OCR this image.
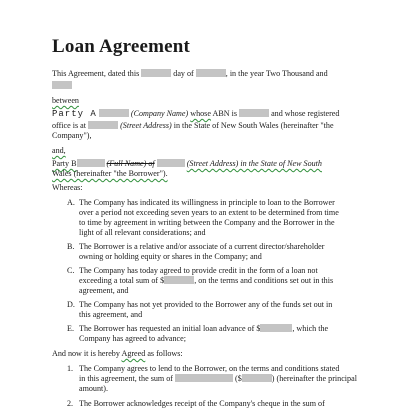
Loan Agreement
This Agreement, dated this	day of	, in the year Two Thousand and
between
Party A	(Company Name) whose ABN is	and whose registered
office is at	(Street Address) in the State of New South Wales (hereinafter "the
Company"),
and,
Party B	(Full Name) of	(Street Address) in the State of New South
Wales (hereinafter "the Borrower").
Whereas:
A. The Company has indicated its willingness in principle to loan to the Borrower
over a period not exceeding seven years to an extent to be determined from time
to time by agreement in writing between the Company and the Borrower in the
light of all relevant considerations; and
B. The Borrower is a relative and/or associate of a current director/shareholder
owning or holding equity or shares in the Company; and
C. The Company has today agreed to provide credit in the form of a loan not
exceeding a total sum of $	, on the terms and conditions set out in this
agreement, and
D. The Company has not yet provided to the Borrower any of the funds set out in
this agreement, and
E. The Borrower has requested an initial loan advance of $	, which the
Company has agreed to advance;
And now it is hereby Agreed as follows:
1. The Company agrees to lend to the Borrower, on the terms and conditions stated
in this agreement, the sum of	($	) (hereinafter the principal
amount).
2. The Borrower acknowledges receipt of the Company's cheque in the sum of
